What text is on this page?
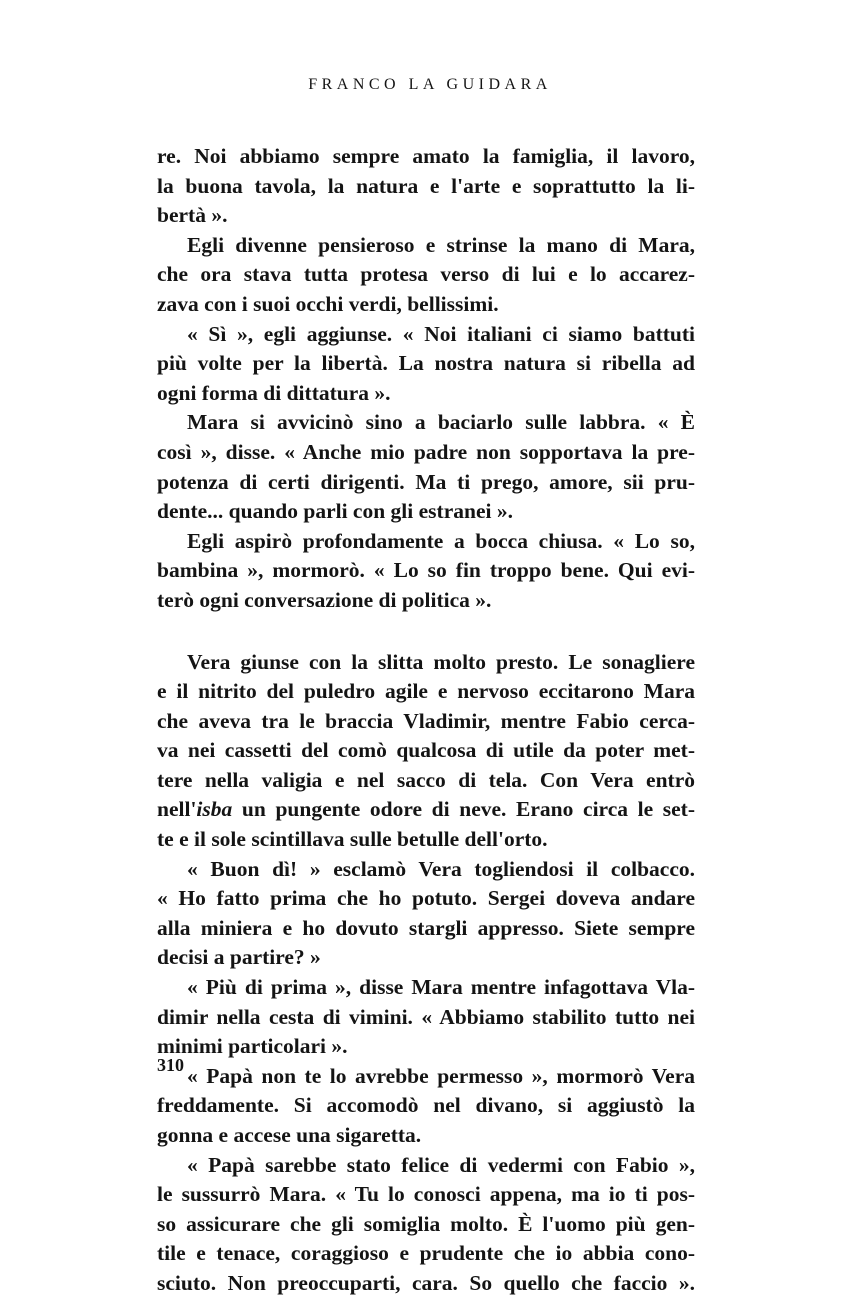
FRANCO LA GUIDARA
re. Noi abbiamo sempre amato la famiglia, il lavoro,
la buona tavola, la natura e l'arte e soprattutto la li-
bertà ».
Egli divenne pensieroso e strinse la mano di Mara,
che ora stava tutta protesa verso di lui e lo accarez-
zava con i suoi occhi verdi, bellissimi.
« Sì », egli aggiunse. « Noi italiani ci siamo battuti
più volte per la libertà. La nostra natura si ribella ad
ogni forma di dittatura ».
Mara si avvicinò sino a baciarlo sulle labbra. « È
così », disse. « Anche mio padre non sopportava la pre-
potenza di certi dirigenti. Ma ti prego, amore, sii pru-
dente... quando parli con gli estranei ».
Egli aspirò profondamente a bocca chiusa. « Lo so,
bambina », mormorò. « Lo so fin troppo bene. Qui evi-
terò ogni conversazione di politica ».
Vera giunse con la slitta molto presto. Le sonagliere
e il nitrito del puledro agile e nervoso eccitarono Mara
che aveva tra le braccia Vladimir, mentre Fabio cerca-
va nei cassetti del comò qualcosa di utile da poter met-
tere nella valigia e nel sacco di tela. Con Vera entrò
nell'isba un pungente odore di neve. Erano circa le set-
te e il sole scintillava sulle betulle dell'orto.
« Buon dì! » esclamò Vera togliendosi il colbacco.
« Ho fatto prima che ho potuto. Sergei doveva andare
alla miniera e ho dovuto stargli appresso. Siete sempre
decisi a partire? »
« Più di prima », disse Mara mentre infagottava Vla-
dimir nella cesta di vimini. « Abbiamo stabilito tutto nei
minimi particolari ».
« Papà non te lo avrebbe permesso », mormorò Vera
freddamente. Si accomodò nel divano, si aggiustò la
gonna e accese una sigaretta.
« Papà sarebbe stato felice di vedermi con Fabio »,
le sussurrò Mara. « Tu lo conosci appena, ma io ti pos-
so assicurare che gli somiglia molto. È l'uomo più gen-
tile e tenace, coraggioso e prudente che io abbia cono-
sciuto. Non preoccuparti, cara. So quello che faccio ».
310
